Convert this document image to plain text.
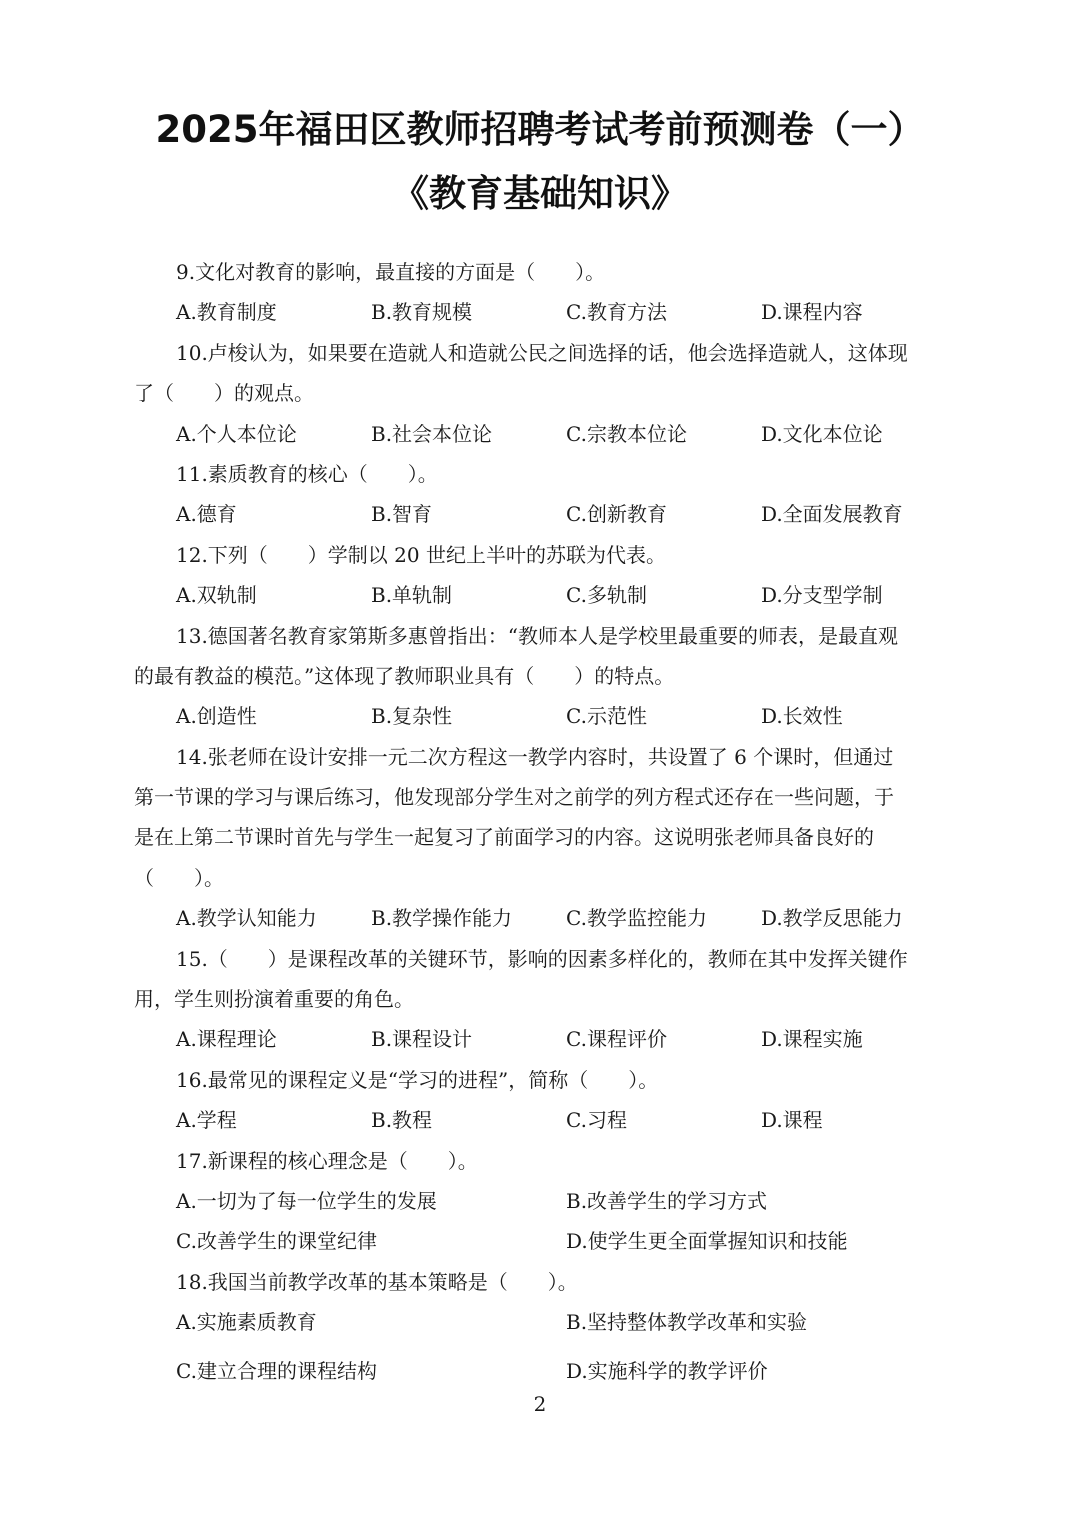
2025年福田区教师招聘考试考前预测卷（一）
《教育基础知识》
9.文化对教育的影响，最直接的方面是（　　）。
A.教育制度	B.教育规模	C.教育方法	D.课程内容
10.卢梭认为，如果要在造就人和造就公民之间选择的话，他会选择造就人，这体现
了（　　）的观点。
A.个人本位论	B.社会本位论	C.宗教本位论	D.文化本位论
11.素质教育的核心（　　）。
A.德育	B.智育	C.创新教育	D.全面发展教育
12.下列（　　）学制以 20 世纪上半叶的苏联为代表。
A.双轨制	B.单轨制	C.多轨制	D.分支型学制
13.德国著名教育家第斯多惠曾指出：“教师本人是学校里最重要的师表，是最直观
的最有教益的模范。”这体现了教师职业具有（　　）的特点。
A.创造性	B.复杂性	C.示范性	D.长效性
14.张老师在设计安排一元二次方程这一教学内容时，共设置了 6 个课时，但通过
第一节课的学习与课后练习，他发现部分学生对之前学的列方程式还存在一些问题，于
是在上第二节课时首先与学生一起复习了前面学习的内容。这说明张老师具备良好的
（　　）。
A.教学认知能力	B.教学操作能力	C.教学监控能力	D.教学反思能力
15.（　　）是课程改革的关键环节，影响的因素多样化的，教师在其中发挥关键作
用，学生则扮演着重要的角色。
A.课程理论	B.课程设计	C.课程评价	D.课程实施
16.最常见的课程定义是“学习的进程”，简称（　　）。
A.学程	B.教程	C.习程	D.课程
17.新课程的核心理念是（　　）。
A.一切为了每一位学生的发展	B.改善学生的学习方式
C.改善学生的课堂纪律	D.使学生更全面掌握知识和技能
18.我国当前教学改革的基本策略是（　　）。
A.实施素质教育	B.坚持整体教学改革和实验
C.建立合理的课程结构	D.实施科学的教学评价
2
